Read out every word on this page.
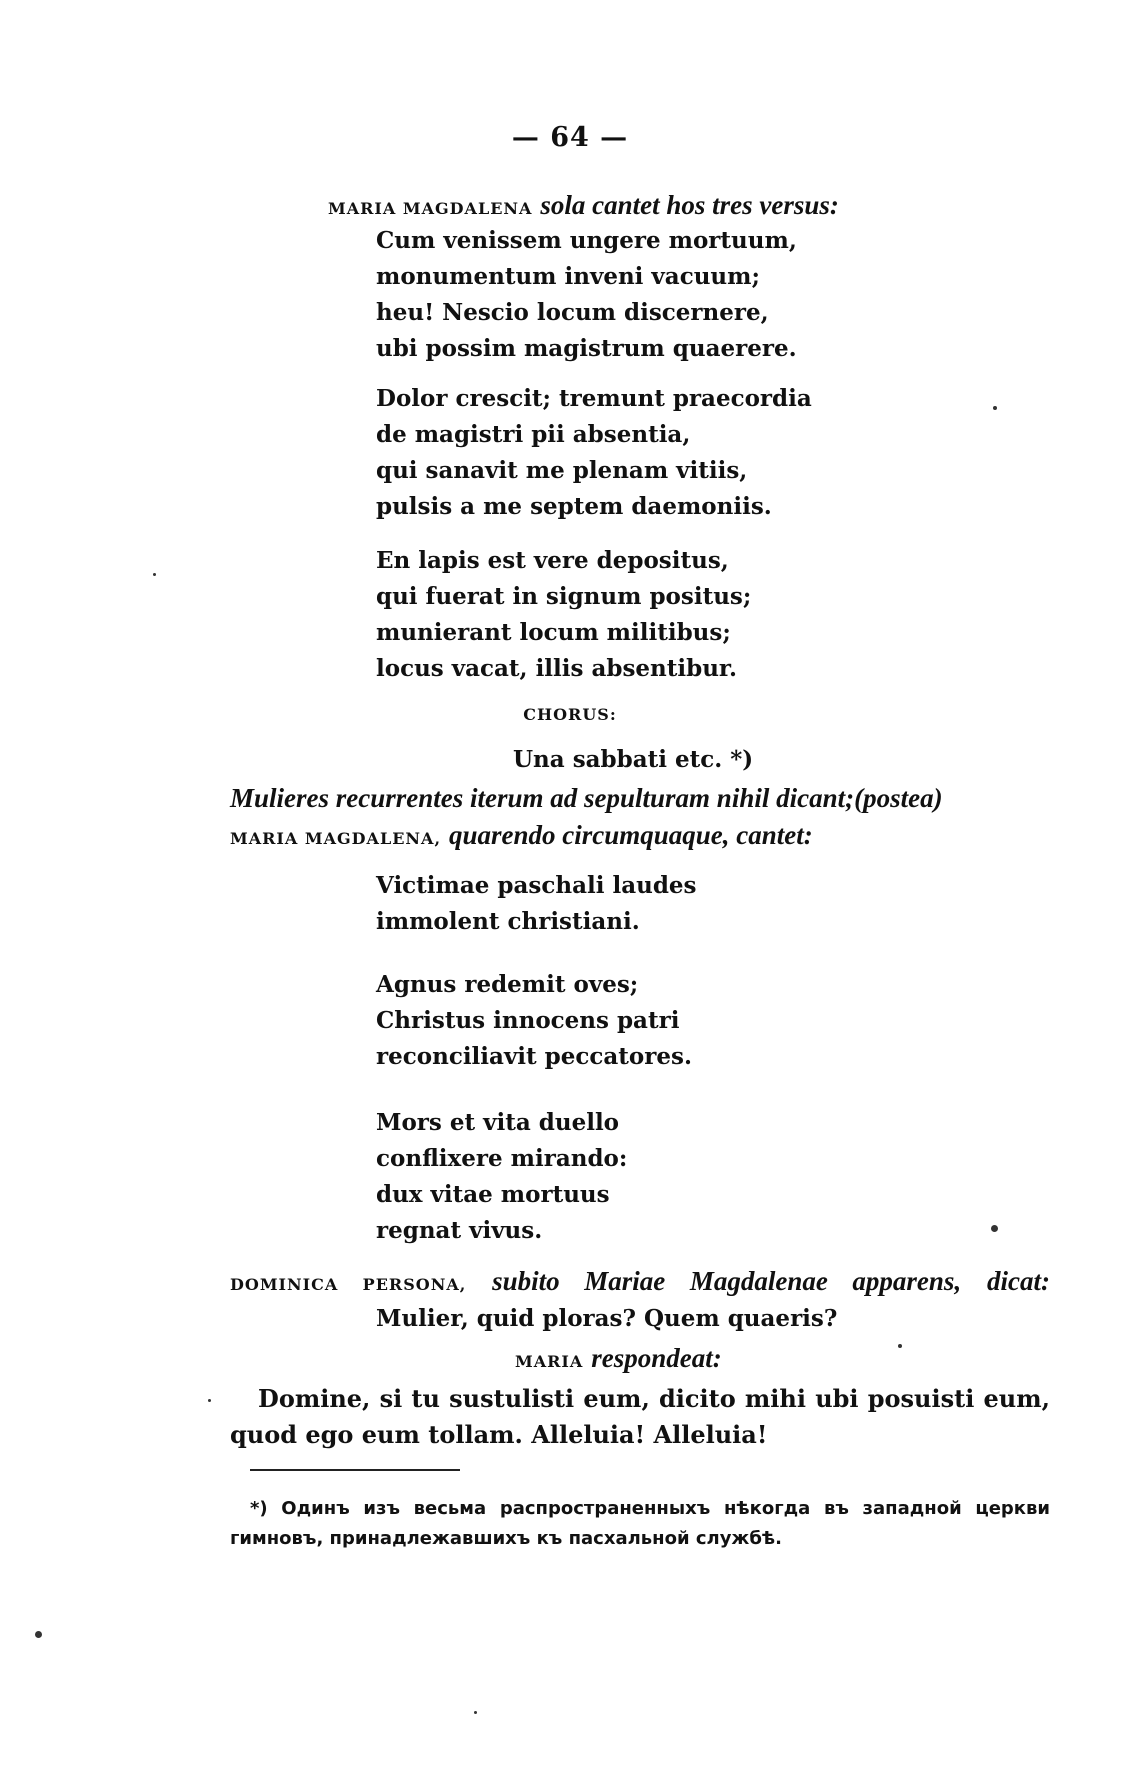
— 64 —
MARIA MAGDALENA sola cantet hos tres versus:
Cum venissem ungere mortuum,
monumentum inveni vacuum;
heu! Nescio locum discernere,
ubi possim magistrum quaerere.
Dolor crescit; tremunt praecordia
de magistri pii absentia,
qui sanavit me plenam vitiis,
pulsis a me septem daemoniis.
En lapis est vere depositus,
qui fuerat in signum positus;
munierant locum militibus;
locus vacat, illis absentibur.
CHORUS:
Una sabbati etc. *)
Mulieres recurrentes iterum ad sepulturam nihil dicant;(postea)
MARIA MAGDALENA, quarendo circumquaque, cantet:
Victimae paschali laudes
immolent christiani.
Agnus redemit oves;
Christus innocens patri
reconciliavit peccatores.
Mors et vita duello
conflixere mirando:
dux vitae mortuus
regnat vivus.
DOMINICA PERSONA, subito Mariae Magdalenae apparens, dicat:
Mulier, quid ploras? Quem quaeris?
MARIA respondeat:
Domine, si tu sustulisti eum, dicito mihi ubi posuisti eum, quod ego eum tollam. Alleluia! Alleluia!
*) Одинъ изъ весьма распространенныхъ нѣкогда въ западной церкви гимновъ, принадлежавшихъ къ пасхальной службѣ.
